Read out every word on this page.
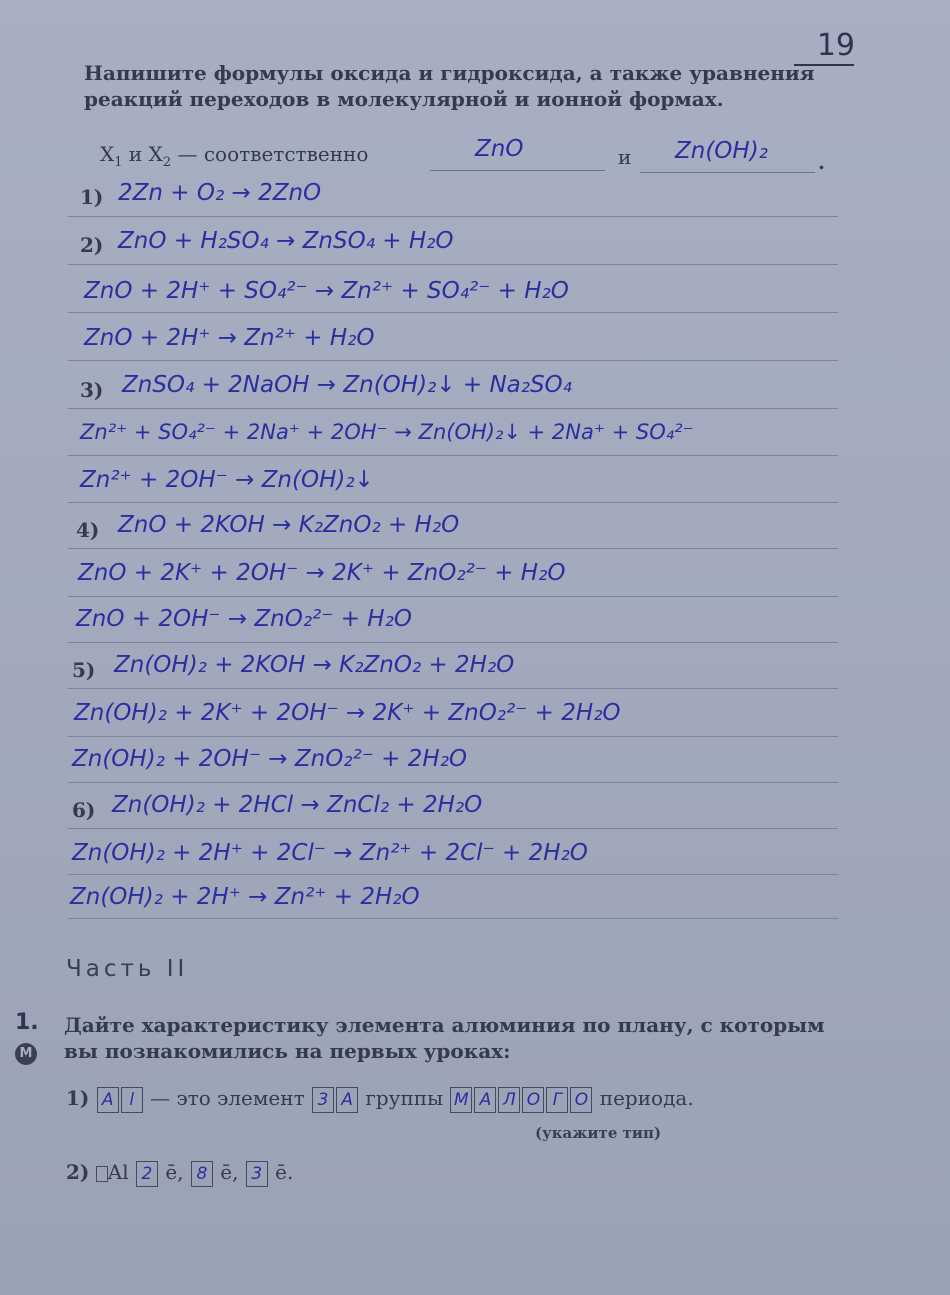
19
Напишите формулы оксида и гидроксида, а также уравнения реакций переходов в молекулярной и ионной формах.
$X_1$ и $X_2$ — соответственно	ZnO	и Zn(OH)₂	.
1) 2Zn + O₂ → 2ZnO
2) ZnO + H₂SO₄ → ZnSO₄ + H₂O
ZnO + 2H⁺ + SO₄²⁻ → Zn²⁺ + SO₄²⁻ + H₂O
ZnO + 2H⁺ → Zn²⁺ + H₂O
3) ZnSO₄ + 2NaOH → Zn(OH)₂↓ + Na₂SO₄
Zn²⁺ + SO₄²⁻ + 2Na⁺ + 2OH⁻ → Zn(OH)₂↓ + 2Na⁺ + SO₄²⁻
Zn²⁺ + 2OH⁻ → Zn(OH)₂↓
4) ZnO + 2KOH → K₂ZnO₂ + H₂O
ZnO + 2K⁺ + 2OH⁻ → 2K⁺ + ZnO₂²⁻ + H₂O
ZnO + 2OH⁻ → ZnO₂²⁻ + H₂O
5) Zn(OH)₂ + 2KOH → K₂ZnO₂ + 2H₂O
Zn(OH)₂ + 2K⁺ + 2OH⁻ → 2K⁺ + ZnO₂²⁻ + 2H₂O
Zn(OH)₂ + 2OH⁻ → ZnO₂²⁻ + 2H₂O
6) Zn(OH)₂ + 2HCl → ZnCl₂ + 2H₂O
Zn(OH)₂ + 2H⁺ + 2Cl⁻ → Zn²⁺ + 2Cl⁻ + 2H₂O
Zn(OH)₂ + 2H⁺ → Zn²⁺ + 2H₂O
Часть II
1.
М
Дайте характеристику элемента алюминия по плану, с которым вы познакомились на первых уроках:
1) A l — это элемент 3 A группы М А Л О Г О периода.
(укажите тип)
2) Al 2 ē, 8 ē, 3 ē.
